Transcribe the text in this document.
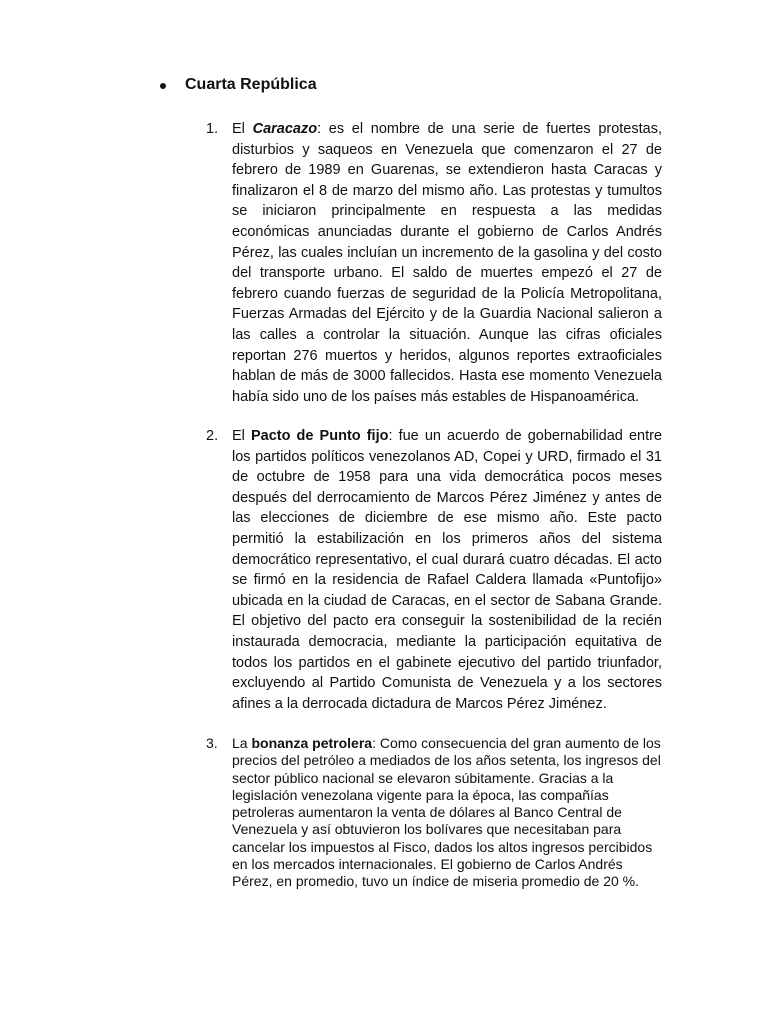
Cuarta República
1. El Caracazo: es el nombre de una serie de fuertes protestas, disturbios y saqueos en Venezuela que comenzaron el 27 de febrero de 1989 en Guarenas, se extendieron hasta Caracas y finalizaron el 8 de marzo del mismo año. Las protestas y tumultos se iniciaron principalmente en respuesta a las medidas económicas anunciadas durante el gobierno de Carlos Andrés Pérez, las cuales incluían un incremento de la gasolina y del costo del transporte urbano. El saldo de muertes empezó el 27 de febrero cuando fuerzas de seguridad de la Policía Metropolitana, Fuerzas Armadas del Ejército y de la Guardia Nacional salieron a las calles a controlar la situación. Aunque las cifras oficiales reportan 276 muertos y heridos, algunos reportes extraoficiales hablan de más de 3000 fallecidos. Hasta ese momento Venezuela había sido uno de los países más estables de Hispanoamérica.
2. El Pacto de Punto fijo: fue un acuerdo de gobernabilidad entre los partidos políticos venezolanos AD, Copei y URD, firmado el 31 de octubre de 1958 para una vida democrática pocos meses después del derrocamiento de Marcos Pérez Jiménez y antes de las elecciones de diciembre de ese mismo año. Este pacto permitió la estabilización en los primeros años del sistema democrático representativo, el cual durará cuatro décadas. El acto se firmó en la residencia de Rafael Caldera llamada «Puntofijo» ubicada en la ciudad de Caracas, en el sector de Sabana Grande. El objetivo del pacto era conseguir la sostenibilidad de la recién instaurada democracia, mediante la participación equitativa de todos los partidos en el gabinete ejecutivo del partido triunfador, excluyendo al Partido Comunista de Venezuela y a los sectores afines a la derrocada dictadura de Marcos Pérez Jiménez.
3. La bonanza petrolera: Como consecuencia del gran aumento de los precios del petróleo a mediados de los años setenta, los ingresos del sector público nacional se elevaron súbitamente. Gracias a la legislación venezolana vigente para la época, las compañías petroleras aumentaron la venta de dólares al Banco Central de Venezuela y así obtuvieron los bolívares que necesitaban para cancelar los impuestos al Fisco, dados los altos ingresos percibidos en los mercados internacionales. El gobierno de Carlos Andrés Pérez, en promedio, tuvo un índice de miseria promedio de 20 %.
